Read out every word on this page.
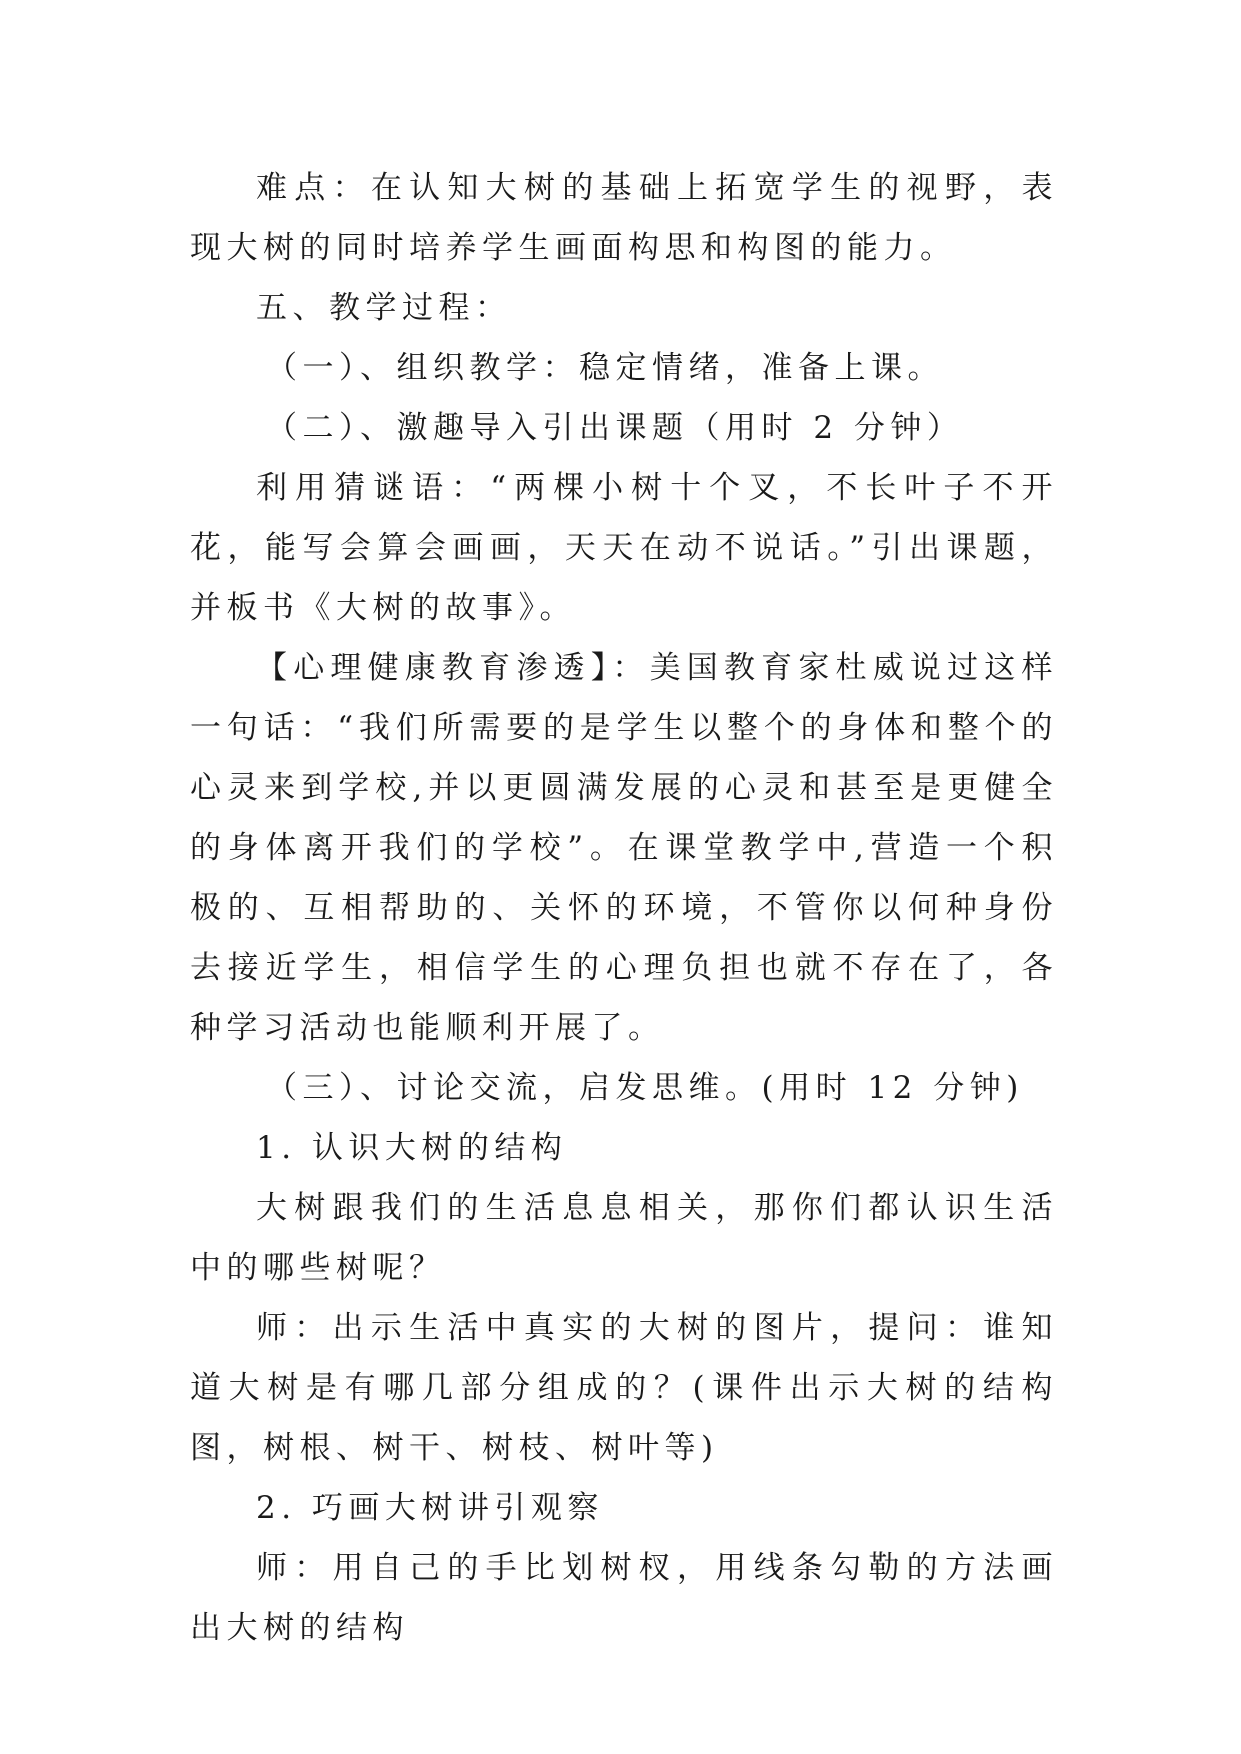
难点：在认知大树的基础上拓宽学生的视野，表现大树的同时培养学生画面构思和构图的能力。

五、教学过程：

（一）、组织教学：稳定情绪，准备上课。

（二）、激趣导入引出课题（用时 2 分钟）

利用猜谜语：“两棵小树十个叉，不长叶子不开花，能写会算会画画，天天在动不说话。”引出课题，并板书《大树的故事》。

【心理健康教育渗透】：美国教育家杜威说过这样一句话：“我们所需要的是学生以整个的身体和整个的心灵来到学校,并以更圆满发展的心灵和甚至是更健全的身体离开我们的学校”。在课堂教学中,营造一个积极的、互相帮助的、关怀的环境，不管你以何种身份去接近学生，相信学生的心理负担也就不存在了，各种学习活动也能顺利开展了。

（三）、讨论交流，启发思维。(用时 12 分钟)

1. 认识大树的结构

大树跟我们的生活息息相关，那你们都认识生活中的哪些树呢？

师：出示生活中真实的大树的图片，提问：谁知道大树是有哪几部分组成的？(课件出示大树的结构图，树根、树干、树枝、树叶等)

2. 巧画大树讲引观察

师：用自己的手比划树杈，用线条勾勒的方法画出大树的结构
